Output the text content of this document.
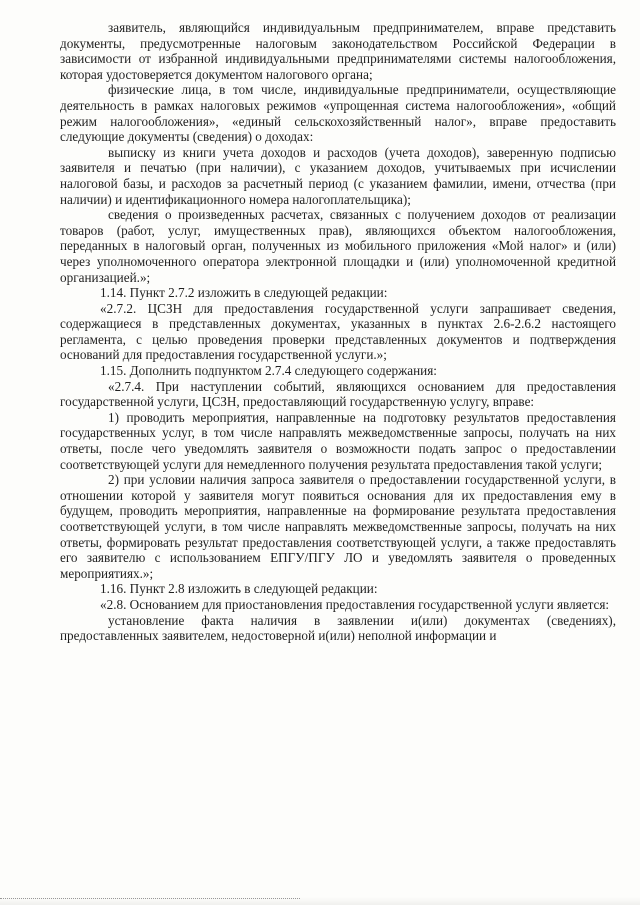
заявитель, являющийся индивидуальным предпринимателем, вправе представить документы, предусмотренные налоговым законодательством Российской Федерации в зависимости от избранной индивидуальными предпринимателями системы налогообложения, которая удостоверяется документом налогового органа;

физические лица, в том числе, индивидуальные предприниматели, осуществляющие деятельность в рамках налоговых режимов «упрощенная система налогообложения», «общий режим налогообложения», «единый сельскохозяйственный налог», вправе предоставить следующие документы (сведения) о доходах:

выписку из книги учета доходов и расходов (учета доходов), заверенную подписью заявителя и печатью (при наличии), с указанием доходов, учитываемых при исчислении налоговой базы, и расходов за расчетный период (с указанием фамилии, имени, отчества (при наличии) и идентификационного номера налогоплательщика);

сведения о произведенных расчетах, связанных с получением доходов от реализации товаров (работ, услуг, имущественных прав), являющихся объектом налогообложения, переданных в налоговый орган, полученных из мобильного приложения «Мой налог» и (или) через уполномоченного оператора электронной площадки и (или) уполномоченной кредитной организацией.»;

1.14. Пункт 2.7.2 изложить в следующей редакции:

«2.7.2. ЦСЗН для предоставления государственной услуги запрашивает сведения, содержащиеся в представленных документах, указанных в пунктах 2.6-2.6.2 настоящего регламента, с целью проведения проверки представленных документов и подтверждения оснований для предоставления государственной услуги.»;

1.15. Дополнить подпунктом 2.7.4 следующего содержания:

«2.7.4. При наступлении событий, являющихся основанием для предоставления государственной услуги, ЦСЗН, предоставляющий государственную услугу, вправе:

1) проводить мероприятия, направленные на подготовку результатов предоставления государственных услуг, в том числе направлять межведомственные запросы, получать на них ответы, после чего уведомлять заявителя о возможности подать запрос о предоставлении соответствующей услуги для немедленного получения результата предоставления такой услуги;

2) при условии наличия запроса заявителя о предоставлении государственной услуги, в отношении которой у заявителя могут появиться основания для их предоставления ему в будущем, проводить мероприятия, направленные на формирование результата предоставления соответствующей услуги, в том числе направлять межведомственные запросы, получать на них ответы, формировать результат предоставления соответствующей услуги, а также предоставлять его заявителю с использованием ЕПГУ/ПГУ ЛО и уведомлять заявителя о проведенных мероприятиях.»;

1.16. Пункт 2.8 изложить в следующей редакции:

«2.8. Основанием для приостановления предоставления государственной услуги является:

установление факта наличия в заявлении и(или) документах (сведениях), предоставленных заявителем, недостоверной и(или) неполной информации и
